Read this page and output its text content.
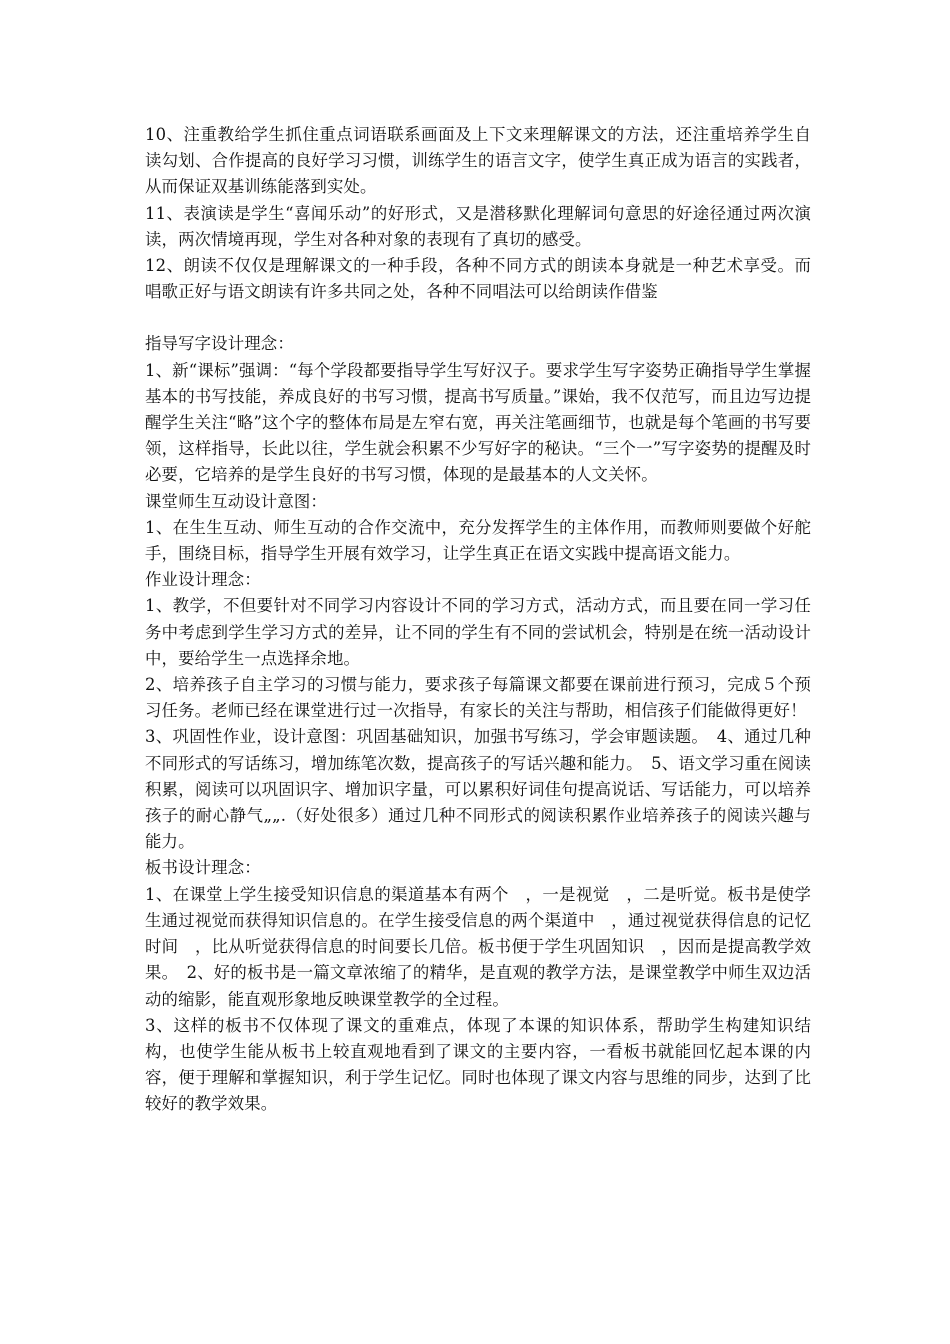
10、注重教给学生抓住重点词语联系画面及上下文来理解课文的方法，还注重培养学生自读勾划、合作提高的良好学习习惯，训练学生的语言文字，使学生真正成为语言的实践者，从而保证双基训练能落到实处。

11、表演读是学生“喜闻乐动”的好形式，又是潜移默化理解词句意思的好途径通过两次演读，两次情境再现，学生对各种对象的表现有了真切的感受。

12、朗读不仅仅是理解课文的一种手段，各种不同方式的朗读本身就是一种艺术享受。而唱歌正好与语文朗读有许多共同之处，各种不同唱法可以给朗读作借鉴

指导写字设计理念：

1、新“课标”强调：“每个学段都要指导学生写好汉子。要求学生写字姿势正确指导学生掌握基本的书写技能，养成良好的书写习惯，提高书写质量。”课始，我不仅范写，而且边写边提醒学生关注“略”这个字的整体布局是左窄右宽，再关注笔画细节，也就是每个笔画的书写要领，这样指导，长此以往，学生就会积累不少写好字的秘诀。“三个一”写字姿势的提醒及时必要，它培养的是学生良好的书写习惯，体现的是最基本的人文关怀。

课堂师生互动设计意图：

1、在生生互动、师生互动的合作交流中，充分发挥学生的主体作用，而教师则要做个好舵手，围绕目标，指导学生开展有效学习，让学生真正在语文实践中提高语文能力。

作业设计理念：

1、教学，不但要针对不同学习内容设计不同的学习方式，活动方式，而且要在同一学习任务中考虑到学生学习方式的差异，让不同的学生有不同的尝试机会，特别是在统一活动设计中，要给学生一点选择余地。

2、培养孩子自主学习的习惯与能力，要求孩子每篇课文都要在课前进行预习，完成５个预习任务。老师已经在课堂进行过一次指导，有家长的关注与帮助，相信孩子们能做得更好！

3、巩固性作业，设计意图：巩固基础知识，加强书写练习，学会审题读题。　4、通过几种不同形式的写话练习，增加练笔次数，提高孩子的写话兴趣和能力。　5、语文学习重在阅读积累，阅读可以巩固识字、增加识字量，可以累积好词佳句提高说话、写话能力，可以培养孩子的耐心静气„„.（好处很多）通过几种不同形式的阅读积累作业培养孩子的阅读兴趣与能力。

板书设计理念：

1、在课堂上学生接受知识信息的渠道基本有两个　，一是视觉　，二是听觉。板书是使学生通过视觉而获得知识信息的。在学生接受信息的两个渠道中　，通过视觉获得信息的记忆时间　，比从听觉获得信息的时间要长几倍。板书便于学生巩固知识　，因而是提高教学效果。　2、好的板书是一篇文章浓缩了的精华，是直观的教学方法，是课堂教学中师生双边活动的缩影，能直观形象地反映课堂教学的全过程。

3、这样的板书不仅体现了课文的重难点，体现了本课的知识体系，帮助学生构建知识结构，也使学生能从板书上较直观地看到了课文的主要内容，一看板书就能回忆起本课的内容，便于理解和掌握知识，利于学生记忆。同时也体现了课文内容与思维的同步，达到了比较好的教学效果。
